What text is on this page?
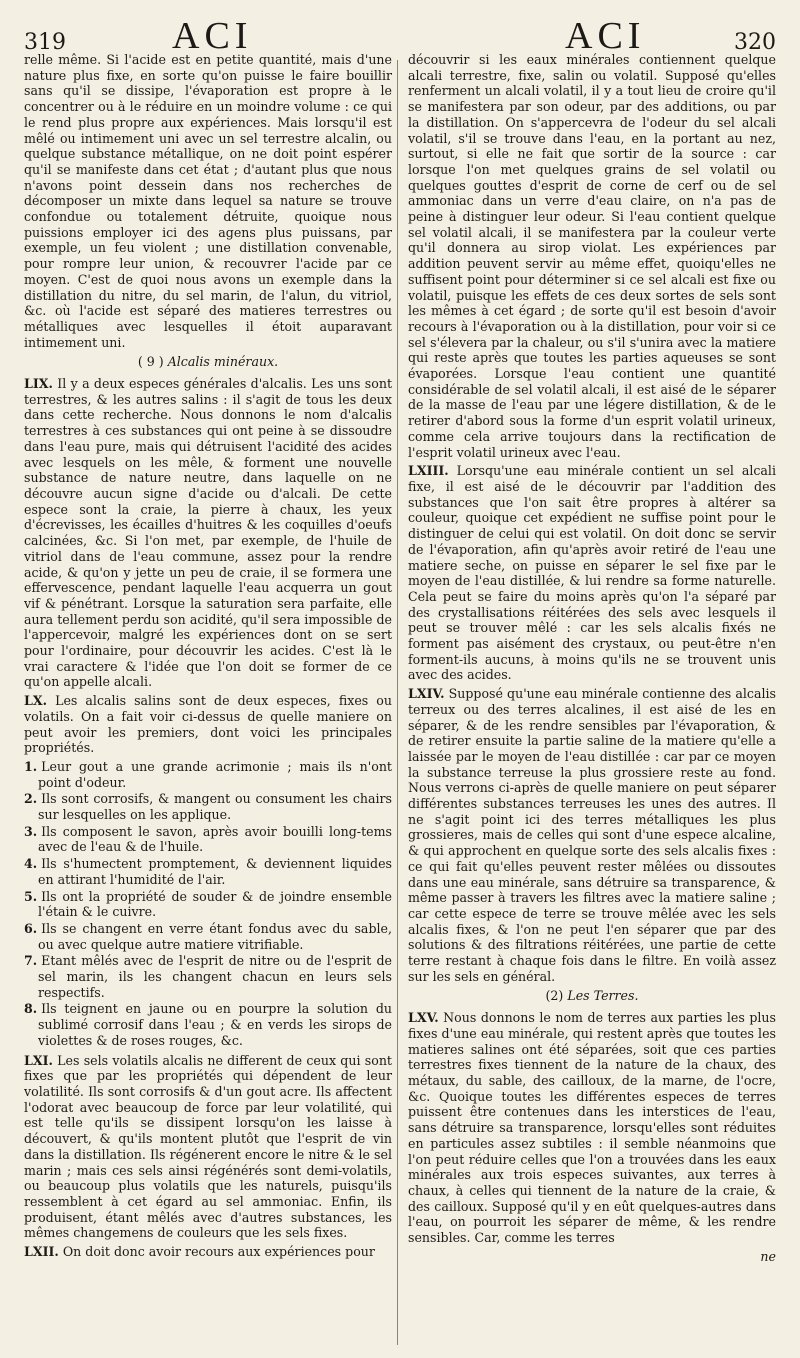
319	ACI	ACI	320

relle même. Si l'acide est en petite quantité, mais d'une nature plus fixe, en sorte qu'on puisse le faire bouillir sans qu'il se dissipe, l'évaporation est propre à le concentrer ou à le réduire en un moindre volume : ce qui le rend plus propre aux expériences. Mais lorsqu'il est mêlé ou intimement uni avec un sel terrestre alcalin, ou quelque substance métallique, on ne doit point espérer qu'il se manifeste dans cet état ; d'autant plus que nous n'avons point dessein dans nos recherches de décomposer un mixte dans lequel sa nature se trouve confondue ou totalement détruite, quoique nous puissions employer ici des agens plus puissans, par exemple, un feu violent ; une distillation convenable, pour rompre leur union, & recouvrer l'acide par ce moyen. C'est de quoi nous avons un exemple dans la distillation du nitre, du sel marin, de l'alun, du vitriol, &c. où l'acide est séparé des matieres terrestres ou métalliques avec lesquelles il étoit auparavant intimement uni.

( 9 ) Alcalis minéraux.

LIX. Il y a deux especes générales d'alcalis. Les uns sont terrestres, & les autres salins : il s'agit de tous les deux dans cette recherche. Nous donnons le nom d'alcalis terrestres à ces substances qui ont peine à se dissoudre dans l'eau pure, mais qui détruisent l'acidité des acides avec lesquels on les mêle, & forment une nouvelle substance de nature neutre, dans laquelle on ne découvre aucun signe d'acide ou d'alcali. De cette espece sont la craie, la pierre à chaux, les yeux d'écrevisses, les écailles d'huitres & les coquilles d'oeufs calcinées, &c. Si l'on met, par exemple, de l'huile de vitriol dans de l'eau commune, assez pour la rendre acide, & qu'on y jette un peu de craie, il se formera une effervescence, pendant laquelle l'eau acquerra un gout vif & pénétrant. Lorsque la saturation sera parfaite, elle aura tellement perdu son acidité, qu'il sera impossible de l'appercevoir, malgré les expériences dont on se sert pour l'ordinaire, pour découvrir les acides. C'est là le vrai caractere & l'idée que l'on doit se former de ce qu'on appelle alcali.

LX. Les alcalis salins sont de deux especes, fixes ou volatils. On a fait voir ci-dessus de quelle maniere on peut avoir les premiers, dont voici les principales propriétés.

1. Leur gout a une grande acrimonie ; mais ils n'ont point d'odeur.
2. Ils sont corrosifs, & mangent ou consument les chairs sur lesquelles on les applique.
3. Ils composent le savon, après avoir bouilli long-tems avec de l'eau & de l'huile.
4. Ils s'humectent promptement, & deviennent liquides en attirant l'humidité de l'air.
5. Ils ont la propriété de souder & de joindre ensemble l'étain & le cuivre.
6. Ils se changent en verre étant fondus avec du sable, ou avec quelque autre matiere vitrifiable.
7. Etant mêlés avec de l'esprit de nitre ou de l'esprit de sel marin, ils les changent chacun en leurs sels respectifs.
8. Ils teignent en jaune ou en pourpre la solution du sublimé corrosif dans l'eau ; & en verds les sirops de violettes & de roses rouges, &c.

LXI. Les sels volatils alcalis ne different de ceux qui sont fixes que par les propriétés qui dépendent de leur volatilité. Ils sont corrosifs & d'un gout acre. Ils affectent l'odorat avec beaucoup de force par leur volatilité, qui est telle qu'ils se dissipent lorsqu'on les laisse à découvert, & qu'ils montent plutôt que l'esprit de vin dans la distillation. Ils régénerent encore le nitre & le sel marin ; mais ces sels ainsi régénérés sont demi-volatils, ou beaucoup plus volatils que les naturels, puisqu'ils ressemblent à cet égard au sel ammoniac. Enfin, ils produisent, étant mêlés avec d'autres substances, les mêmes changemens de couleurs que les sels fixes.

LXII. On doit donc avoir recours aux expériences pour

découvrir si les eaux minérales contiennent quelque alcali terrestre, fixe, salin ou volatil. Supposé qu'elles renferment un alcali volatil, il y a tout lieu de croire qu'il se manifestera par son odeur, par des additions, ou par la distillation. On s'appercevra de l'odeur du sel alcali volatil, s'il se trouve dans l'eau, en la portant au nez, surtout, si elle ne fait que sortir de la source : car lorsque l'on met quelques grains de sel volatil ou quelques gouttes d'esprit de corne de cerf ou de sel ammoniac dans un verre d'eau claire, on n'a pas de peine à distinguer leur odeur. Si l'eau contient quelque sel volatil alcali, il se manifestera par la couleur verte qu'il donnera au sirop violat. Les expériences par addition peuvent servir au même effet, quoiqu'elles ne suffisent point pour déterminer si ce sel alcali est fixe ou volatil, puisque les effets de ces deux sortes de sels sont les mêmes à cet égard ; de sorte qu'il est besoin d'avoir recours à l'évaporation ou à la distillation, pour voir si ce sel s'élevera par la chaleur, ou s'il s'unira avec la matiere qui reste après que toutes les parties aqueuses se sont évaporées. Lorsque l'eau contient une quantité considérable de sel volatil alcali, il est aisé de le séparer de la masse de l'eau par une légere distillation, & de le retirer d'abord sous la forme d'un esprit volatil urineux, comme cela arrive toujours dans la rectification de l'esprit volatil urineux avec l'eau.

LXIII. Lorsqu'une eau minérale contient un sel alcali fixe, il est aisé de le découvrir par l'addition des substances que l'on sait être propres à altérer sa couleur, quoique cet expédient ne suffise point pour le distinguer de celui qui est volatil. On doit donc se servir de l'évaporation, afin qu'après avoir retiré de l'eau une matiere seche, on puisse en séparer le sel fixe par le moyen de l'eau distillée, & lui rendre sa forme naturelle. Cela peut se faire du moins après qu'on l'a séparé par des crystallisations réitérées des sels avec lesquels il peut se trouver mêlé : car les sels alcalis fixés ne forment pas aisément des crystaux, ou peut-être n'en forment-ils aucuns, à moins qu'ils ne se trouvent unis avec des acides.

LXIV. Supposé qu'une eau minérale contienne des alcalis terreux ou des terres alcalines, il est aisé de les en séparer, & de les rendre sensibles par l'évaporation, & de retirer ensuite la partie saline de la matiere qu'elle a laissée par le moyen de l'eau distillée : car par ce moyen la substance terreuse la plus grossiere reste au fond. Nous verrons ci-après de quelle maniere on peut séparer différentes substances terreuses les unes des autres. Il ne s'agit point ici des terres métalliques les plus grossieres, mais de celles qui sont d'une espece alcaline, & qui approchent en quelque sorte des sels alcalis fixes : ce qui fait qu'elles peuvent rester mêlées ou dissoutes dans une eau minérale, sans détruire sa transparence, & même passer à travers les filtres avec la matiere saline ; car cette espece de terre se trouve mêlée avec les sels alcalis fixes, & l'on ne peut l'en séparer que par des solutions & des filtrations réitérées, une partie de cette terre restant à chaque fois dans le filtre. En voilà assez sur les sels en général.

(2) Les Terres.

LXV. Nous donnons le nom de terres aux parties les plus fixes d'une eau minérale, qui restent après que toutes les matieres salines ont été séparées, soit que ces parties terrestres fixes tiennent de la nature de la chaux, des métaux, du sable, des cailloux, de la marne, de l'ocre, &c. Quoique toutes les différentes especes de terres puissent être contenues dans les interstices de l'eau, sans détruire sa transparence, lorsqu'elles sont réduites en particules assez subtiles : il semble néanmoins que l'on peut réduire celles que l'on a trouvées dans les eaux minérales aux trois especes suivantes, aux terres à chaux, à celles qui tiennent de la nature de la craie, & des cailloux. Supposé qu'il y en eût quelques-autres dans l'eau, on pourroit les séparer de même, & les rendre sensibles. Car, comme les terres

ne
